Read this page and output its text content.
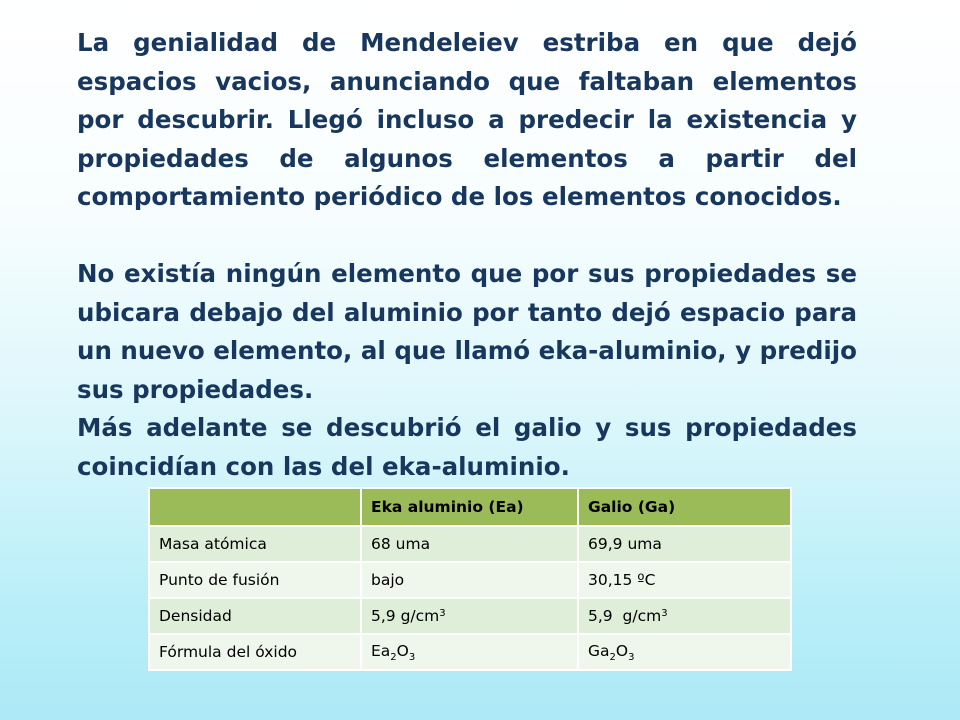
La genialidad de Mendeleiev estriba en que dejó espacios vacios, anunciando que faltaban elementos por descubrir. Llegó incluso a predecir la existencia y propiedades de algunos elementos a partir del comportamiento periódico de los elementos conocidos.

No existía ningún elemento que por sus propiedades se ubicara debajo del aluminio por tanto dejó espacio para un nuevo elemento, al que llamó eka-aluminio, y predijo sus propiedades.

Más adelante se descubrió el galio y sus propiedades coincidían con las del eka-aluminio.

	Eka aluminio (Ea)	Galio (Ga)
Masa atómica	68 uma	69,9 uma
Punto de fusión	bajo	30,15 ºC
Densidad	5,9 $g/cm^3$	5,9  $g/cm^3$
Fórmula del óxido	$Ea_2O_3$	$Ga_2O_3$
